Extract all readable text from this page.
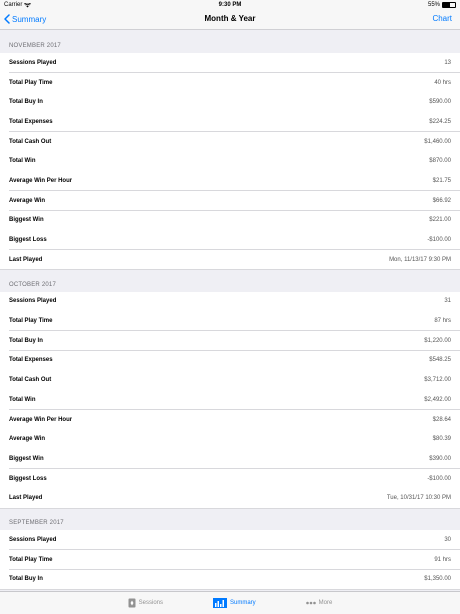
Carrier	9:30 PM	55%
Summary	Month & Year	Chart
NOVEMBER 2017
Sessions Played	13
Total Play Time	40 hrs
Total Buy In	$590.00
Total Expenses	$224.25
Total Cash Out	$1,460.00
Total Win	$870.00
Average Win Per Hour	$21.75
Average Win	$66.92
Biggest Win	$221.00
Biggest Loss	-$100.00
Last Played	Mon, 11/13/17 9:30 PM
OCTOBER 2017
Sessions Played	31
Total Play Time	87 hrs
Total Buy In	$1,220.00
Total Expenses	$548.25
Total Cash Out	$3,712.00
Total Win	$2,492.00
Average Win Per Hour	$28.64
Average Win	$80.39
Biggest Win	$390.00
Biggest Loss	-$100.00
Last Played	Tue, 10/31/17 10:30 PM
SEPTEMBER 2017
Sessions Played	30
Total Play Time	91 hrs
Total Buy In	$1,350.00
Sessions	Summary	More
